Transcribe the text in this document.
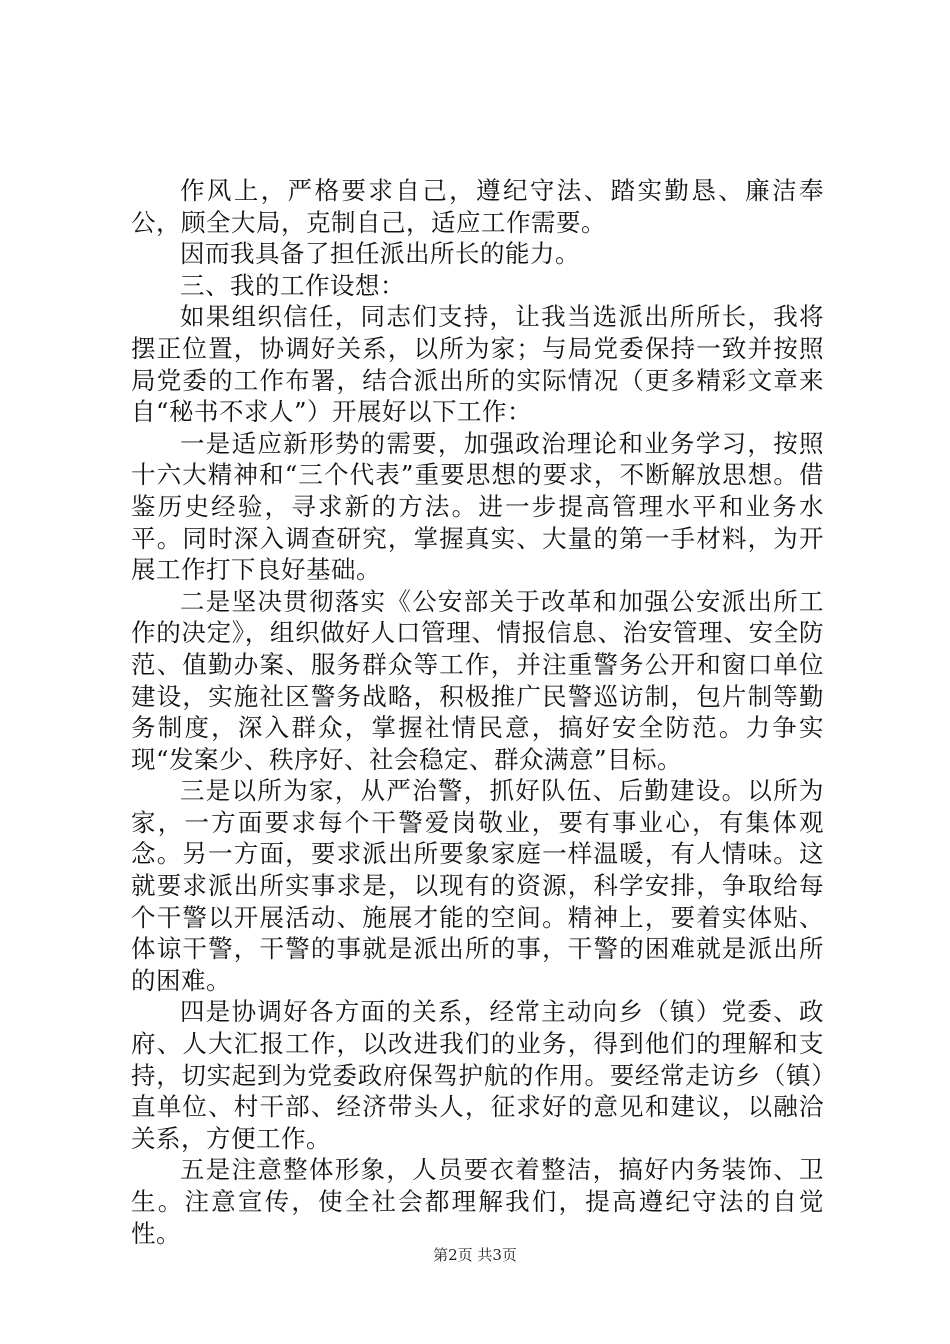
作风上，严格要求自己，遵纪守法、踏实勤恳、廉洁奉公，顾全大局，克制自己，适应工作需要。

因而我具备了担任派出所长的能力。

三、我的工作设想：

如果组织信任，同志们支持，让我当选派出所所长，我将摆正位置，协调好关系，以所为家；与局党委保持一致并按照局党委的工作布署，结合派出所的实际情况（更多精彩文章来自“秘书不求人”）开展好以下工作：

一是适应新形势的需要，加强政治理论和业务学习，按照十六大精神和“三个代表”重要思想的要求，不断解放思想。借鉴历史经验，寻求新的方法。进一步提高管理水平和业务水平。同时深入调查研究，掌握真实、大量的第一手材料，为开展工作打下良好基础。

二是坚决贯彻落实《公安部关于改革和加强公安派出所工作的决定》，组织做好人口管理、情报信息、治安管理、安全防范、值勤办案、服务群众等工作，并注重警务公开和窗口单位建设，实施社区警务战略，积极推广民警巡访制，包片制等勤务制度，深入群众，掌握社情民意，搞好安全防范。力争实现“发案少、秩序好、社会稳定、群众满意”目标。

三是以所为家，从严治警，抓好队伍、后勤建设。以所为家，一方面要求每个干警爱岗敬业，要有事业心，有集体观念。另一方面，要求派出所要象家庭一样温暖，有人情味。这就要求派出所实事求是，以现有的资源，科学安排，争取给每个干警以开展活动、施展才能的空间。精神上，要着实体贴、体谅干警，干警的事就是派出所的事，干警的困难就是派出所的困难。

四是协调好各方面的关系，经常主动向乡（镇）党委、政府、人大汇报工作，以改进我们的业务，得到他们的理解和支持，切实起到为党委政府保驾护航的作用。要经常走访乡（镇）直单位、村干部、经济带头人，征求好的意见和建议，以融洽关系，方便工作。

五是注意整体形象，人员要衣着整洁，搞好内务装饰、卫生。注意宣传，使全社会都理解我们，提高遵纪守法的自觉性。

第2页 共3页
